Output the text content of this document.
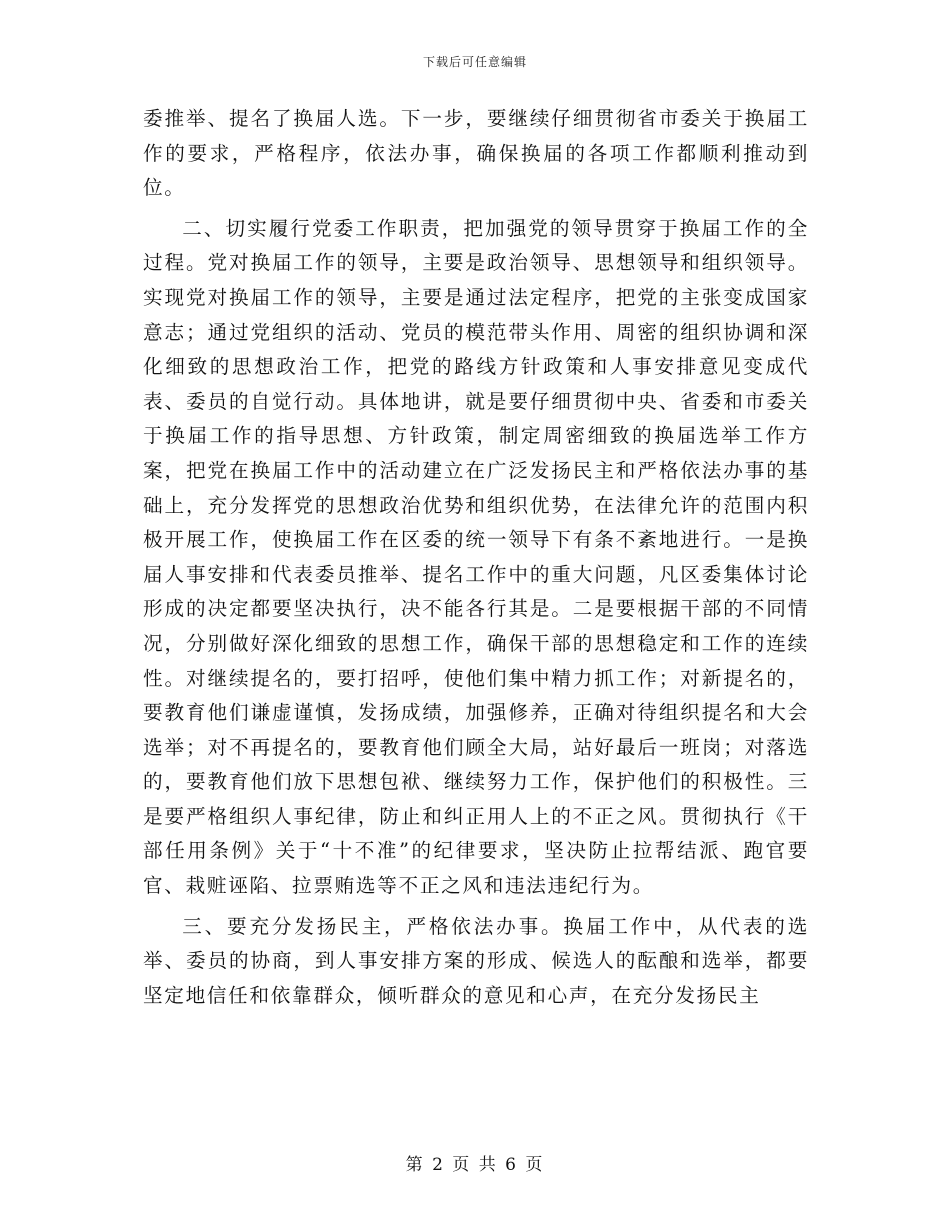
下载后可任意编辑

委推举、提名了换届人选。下一步，要继续仔细贯彻省市委关于换届工作的要求，严格程序，依法办事，确保换届的各项工作都顺利推动到位。

二、切实履行党委工作职责，把加强党的领导贯穿于换届工作的全过程。党对换届工作的领导，主要是政治领导、思想领导和组织领导。实现党对换届工作的领导，主要是通过法定程序，把党的主张变成国家意志；通过党组织的活动、党员的模范带头作用、周密的组织协调和深化细致的思想政治工作，把党的路线方针政策和人事安排意见变成代表、委员的自觉行动。具体地讲，就是要仔细贯彻中央、省委和市委关于换届工作的指导思想、方针政策，制定周密细致的换届选举工作方案，把党在换届工作中的活动建立在广泛发扬民主和严格依法办事的基础上，充分发挥党的思想政治优势和组织优势，在法律允许的范围内积极开展工作，使换届工作在区委的统一领导下有条不紊地进行。一是换届人事安排和代表委员推举、提名工作中的重大问题，凡区委集体讨论形成的决定都要坚决执行，决不能各行其是。二是要根据干部的不同情况，分别做好深化细致的思想工作，确保干部的思想稳定和工作的连续性。对继续提名的，要打招呼，使他们集中精力抓工作；对新提名的，要教育他们谦虚谨慎，发扬成绩，加强修养，正确对待组织提名和大会选举；对不再提名的，要教育他们顾全大局，站好最后一班岗；对落选的，要教育他们放下思想包袱、继续努力工作，保护他们的积极性。三是要严格组织人事纪律，防止和纠正用人上的不正之风。贯彻执行《干部任用条例》关于“十不准”的纪律要求，坚决防止拉帮结派、跑官要官、栽赃诬陷、拉票贿选等不正之风和违法违纪行为。

三、要充分发扬民主，严格依法办事。换届工作中，从代表的选举、委员的协商，到人事安排方案的形成、候选人的酝酿和选举，都要坚定地信任和依靠群众，倾听群众的意见和心声，在充分发扬民主

第 2 页 共 6 页
